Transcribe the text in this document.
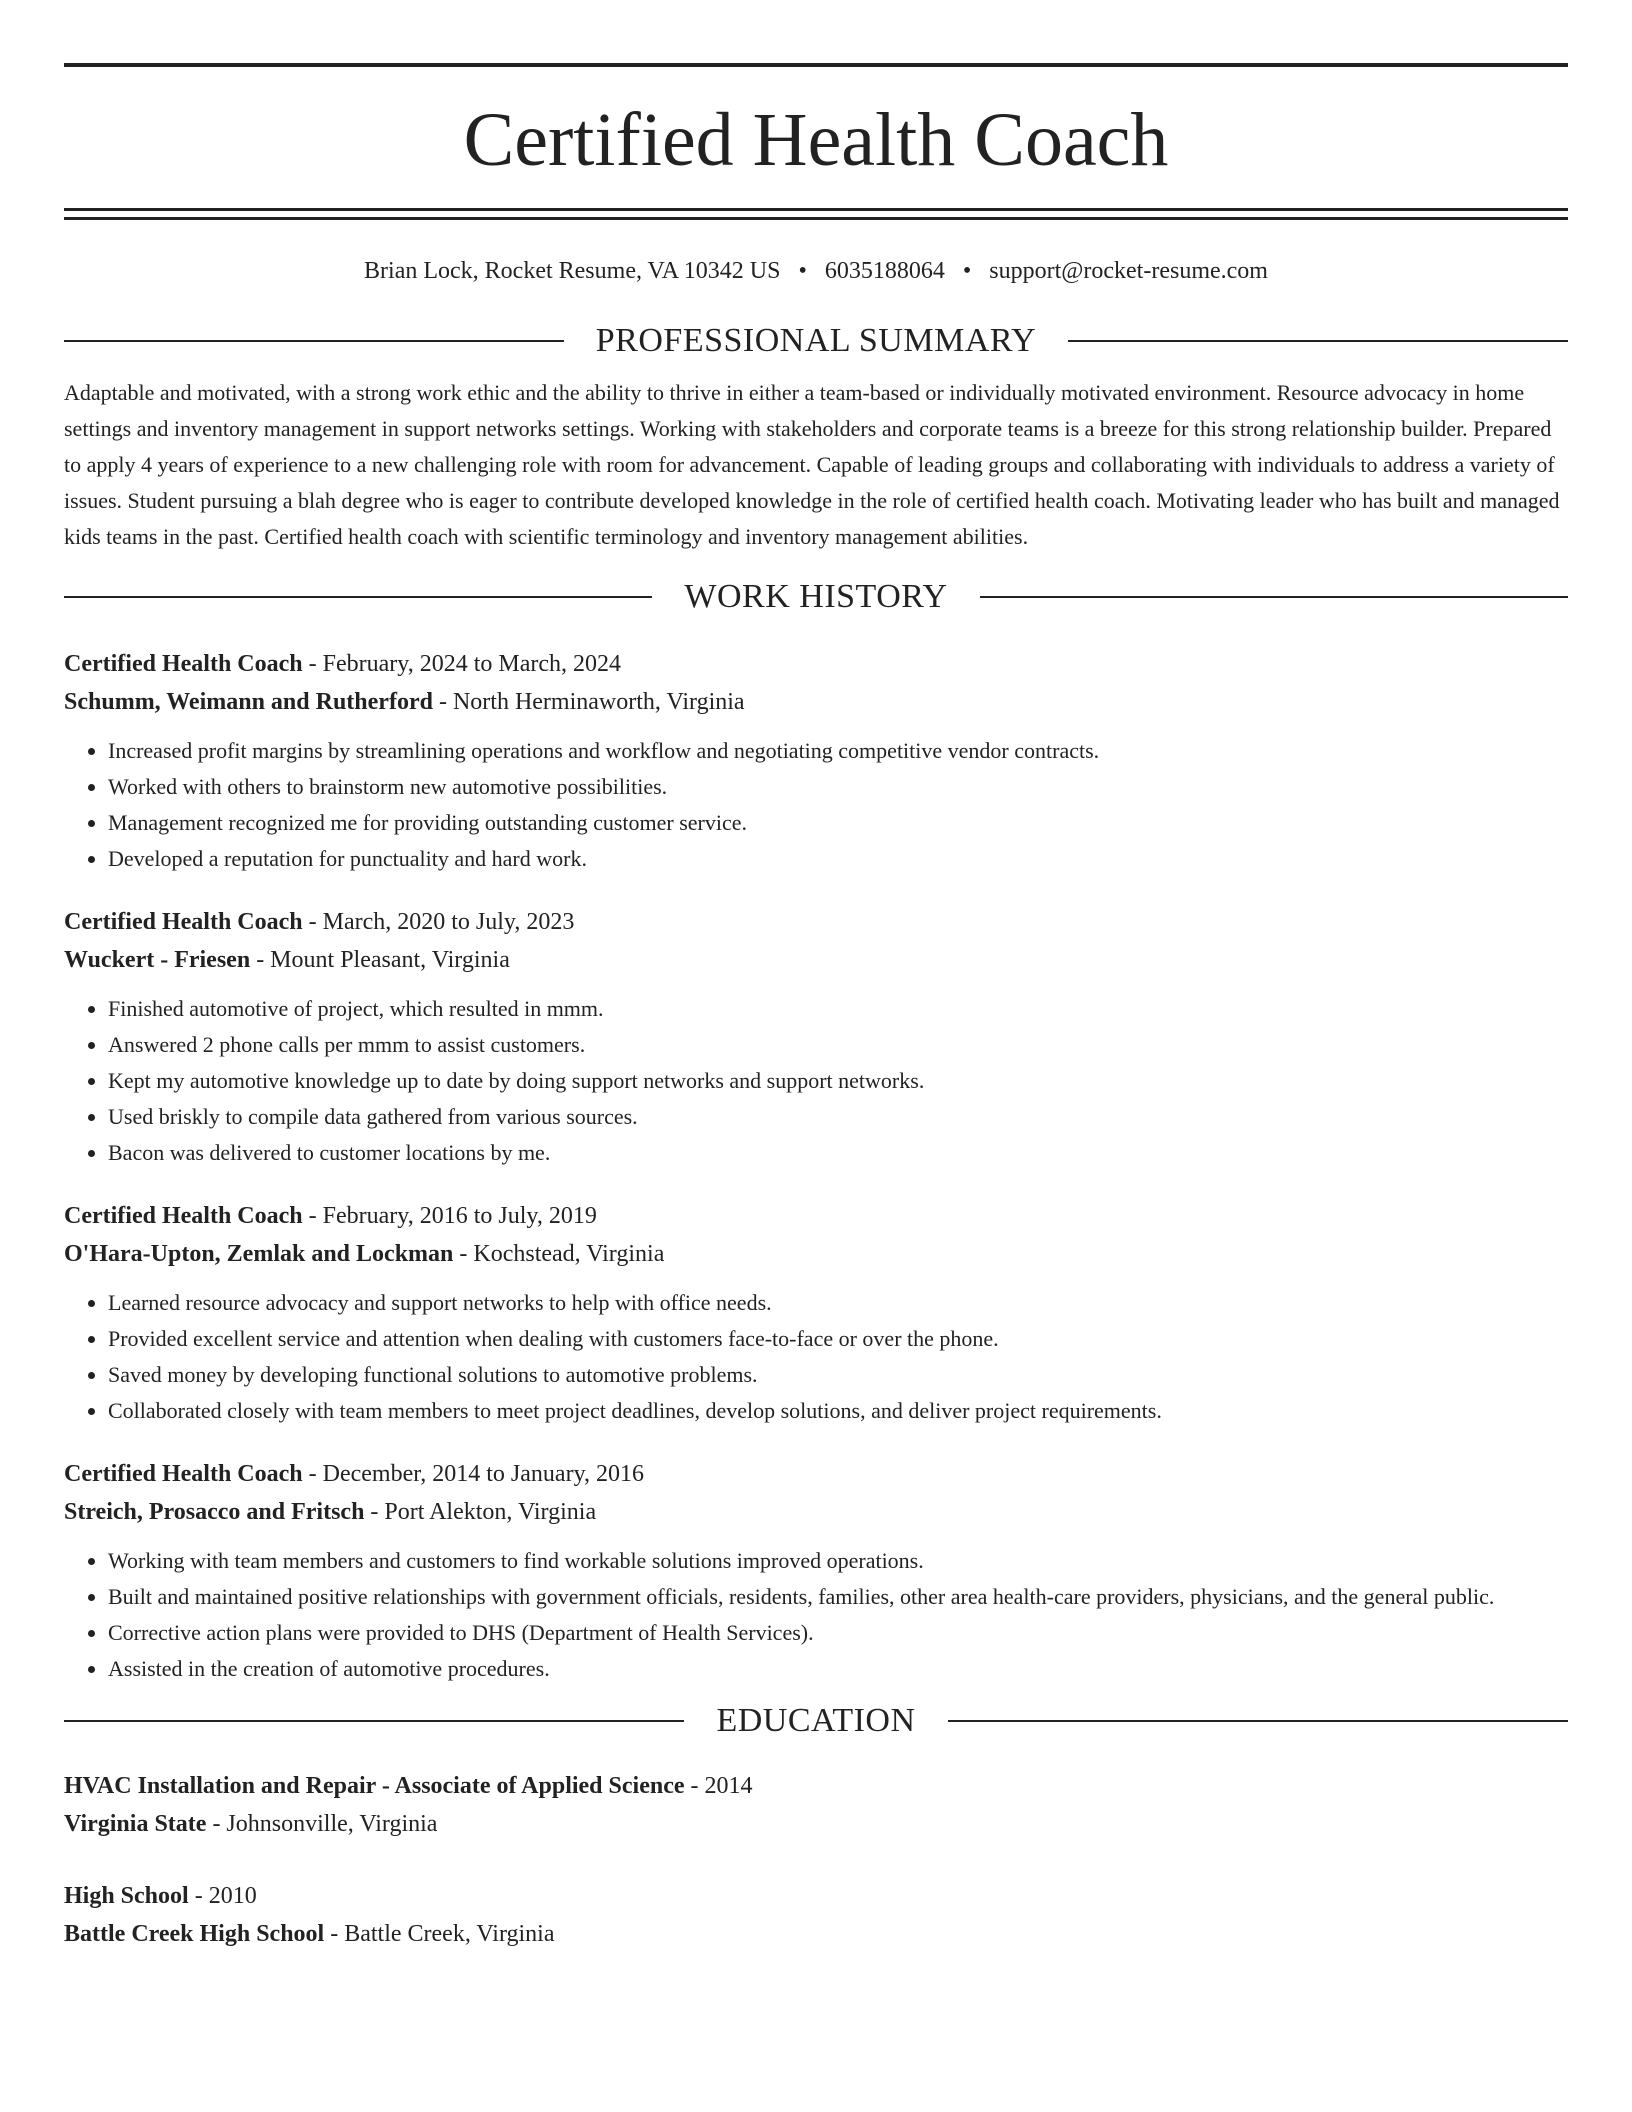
Certified Health Coach
Brian Lock, Rocket Resume, VA 10342 US • 6035188064 • support@rocket-resume.com
PROFESSIONAL SUMMARY

Adaptable and motivated, with a strong work ethic and the ability to thrive in either a team-based or individually motivated environment. Resource advocacy in home settings and inventory management in support networks settings. Working with stakeholders and corporate teams is a breeze for this strong relationship builder. Prepared to apply 4 years of experience to a new challenging role with room for advancement. Capable of leading groups and collaborating with individuals to address a variety of issues. Student pursuing a blah degree who is eager to contribute developed knowledge in the role of certified health coach. Motivating leader who has built and managed kids teams in the past. Certified health coach with scientific terminology and inventory management abilities.

WORK HISTORY
Certified Health Coach - February, 2024 to March, 2024
Schumm, Weimann and Rutherford - North Herminaworth, Virginia
• Increased profit margins by streamlining operations and workflow and negotiating competitive vendor contracts.
• Worked with others to brainstorm new automotive possibilities.
• Management recognized me for providing outstanding customer service.
• Developed a reputation for punctuality and hard work.
Certified Health Coach - March, 2020 to July, 2023
Wuckert - Friesen - Mount Pleasant, Virginia
• Finished automotive of project, which resulted in mmm.
• Answered 2 phone calls per mmm to assist customers.
• Kept my automotive knowledge up to date by doing support networks and support networks.
• Used briskly to compile data gathered from various sources.
• Bacon was delivered to customer locations by me.
Certified Health Coach - February, 2016 to July, 2019
O'Hara-Upton, Zemlak and Lockman - Kochstead, Virginia
• Learned resource advocacy and support networks to help with office needs.
• Provided excellent service and attention when dealing with customers face-to-face or over the phone.
• Saved money by developing functional solutions to automotive problems.
• Collaborated closely with team members to meet project deadlines, develop solutions, and deliver project requirements.
Certified Health Coach - December, 2014 to January, 2016
Streich, Prosacco and Fritsch - Port Alekton, Virginia
• Working with team members and customers to find workable solutions improved operations.
• Built and maintained positive relationships with government officials, residents, families, other area health-care providers, physicians, and the general public.
• Corrective action plans were provided to DHS (Department of Health Services).
• Assisted in the creation of automotive procedures.
EDUCATION
HVAC Installation and Repair - Associate of Applied Science - 2014
Virginia State - Johnsonville, Virginia
High School - 2010
Battle Creek High School - Battle Creek, Virginia
